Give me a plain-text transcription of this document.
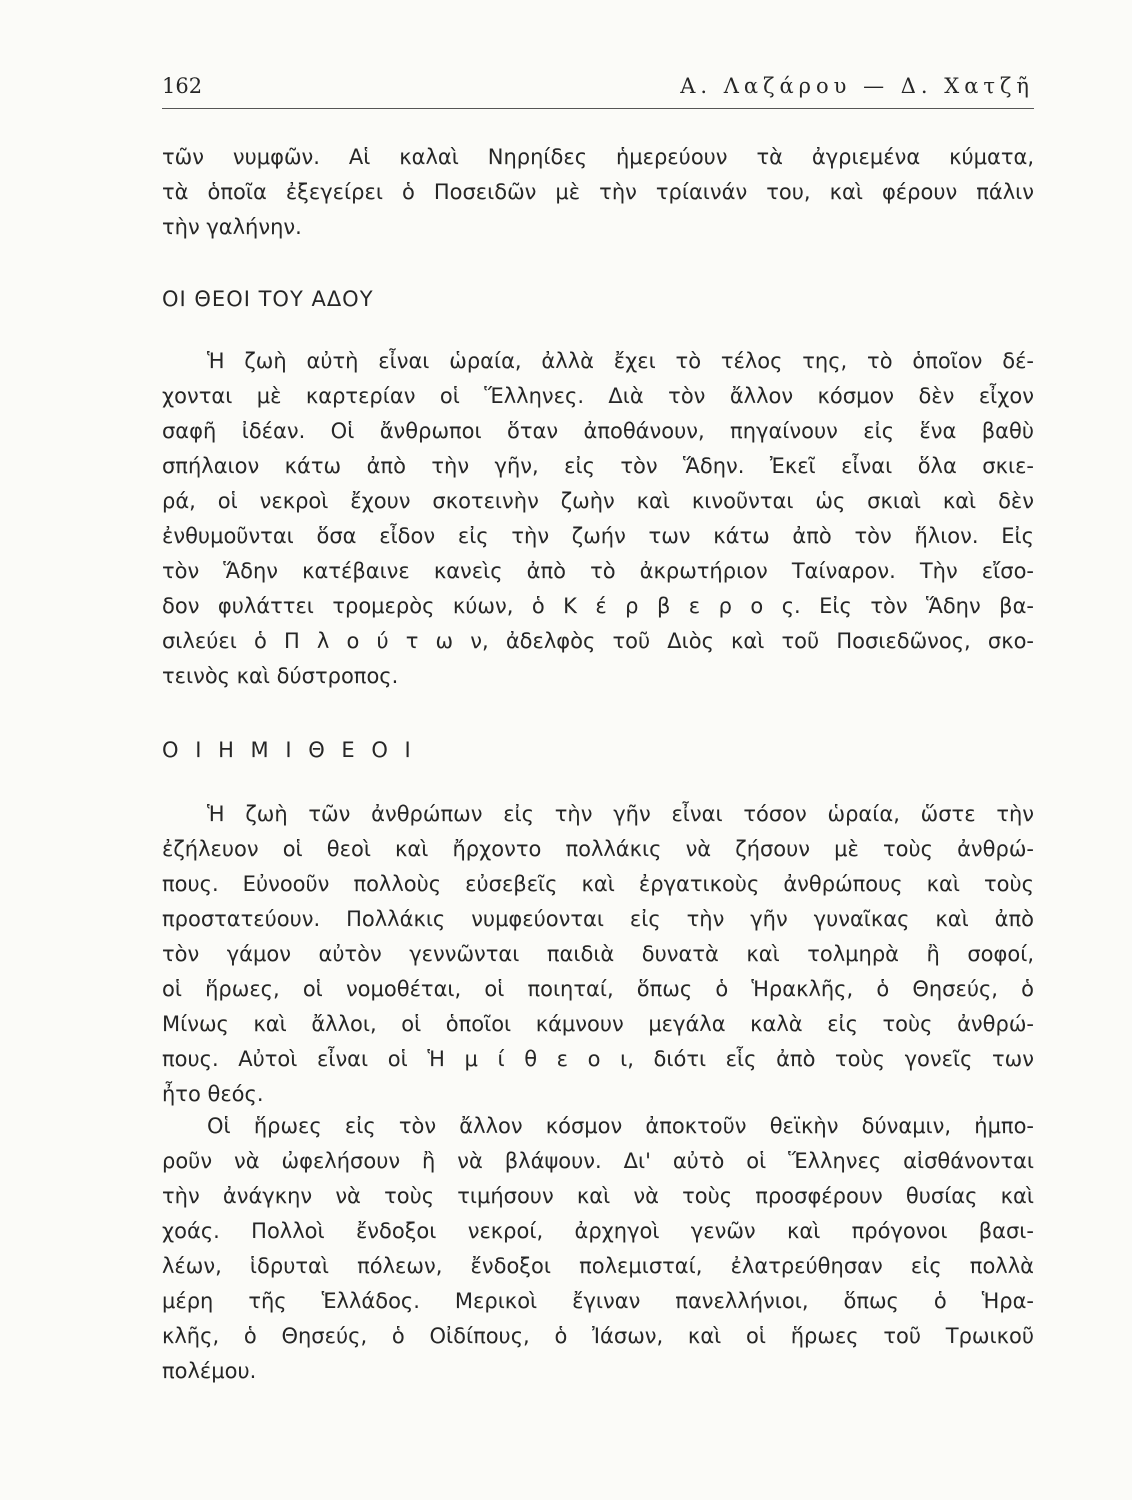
162	Α. Λαζάρου — Δ. Χατζῆ
τῶν νυμφῶν. Αἱ καλαὶ Νηρηίδες ἡμερεύουν τὰ ἀγριεμένα κύματα,
τὰ ὁποῖα ἐξεγείρει ὁ Ποσειδῶν μὲ τὴν τρίαινάν του, καὶ φέρουν πάλιν
τὴν γαλήνην.
ΟΙ ΘΕΟΙ ΤΟΥ ΑΔΟΥ
Ἡ ζωὴ αὐτὴ εἶναι ὡραία, ἀλλὰ ἔχει τὸ τέλος της, τὸ ὁποῖον δέ-
χονται μὲ καρτερίαν οἱ Ἕλληνες. Διὰ τὸν ἄλλον κόσμον δὲν εἶχον
σαφῆ ἰδέαν. Οἱ ἄνθρωποι ὅταν ἀποθάνουν, πηγαίνουν εἰς ἕνα βαθὺ
σπήλαιον κάτω ἀπὸ τὴν γῆν, εἰς τὸν Ἅδην. Ἐκεῖ εἶναι ὅλα σκιε-
ρά, οἱ νεκροὶ ἔχουν σκοτεινὴν ζωὴν καὶ κινοῦνται ὡς σκιαὶ καὶ δὲν
ἐνθυμοῦνται ὅσα εἶδον εἰς τὴν ζωήν των κάτω ἀπὸ τὸν ἥλιον. Εἰς
τὸν Ἅδην κατέβαινε κανεὶς ἀπὸ τὸ ἀκρωτήριον Ταίναρον. Τὴν εἴσο-
δον φυλάττει τρομερὸς κύων, ὁ Κ έ ρ β ε ρ ο ς. Εἰς τὸν Ἅδην βα-
σιλεύει ὁ Π λ ο ύ τ ω ν, ἀδελφὸς τοῦ Διὸς καὶ τοῦ Ποσιεδῶνος, σκο-
τεινὸς καὶ δύστροπος.
Ο Ι Η Μ Ι Θ Ε Ο Ι
Ἡ ζωὴ τῶν ἀνθρώπων εἰς τὴν γῆν εἶναι τόσον ὡραία, ὥστε τὴν
ἐζήλευον οἱ θεοὶ καὶ ἤρχοντο πολλάκις νὰ ζήσουν μὲ τοὺς ἀνθρώ-
πους. Εὐνοοῦν πολλοὺς εὐσεβεῖς καὶ ἐργατικοὺς ἀνθρώπους καὶ τοὺς
προστατεύουν. Πολλάκις νυμφεύονται εἰς τὴν γῆν γυναῖκας καὶ ἀπὸ
τὸν γάμον αὐτὸν γεννῶνται παιδιὰ δυνατὰ καὶ τολμηρὰ ἢ σοφοί,
οἱ ἥρωες, οἱ νομοθέται, οἱ ποιηταί, ὅπως ὁ Ἡρακλῆς, ὁ Θησεύς, ὁ
Μίνως καὶ ἄλλοι, οἱ ὁποῖοι κάμνουν μεγάλα καλὰ εἰς τοὺς ἀνθρώ-
πους. Αὐτοὶ εἶναι οἱ Ἡ μ ί θ ε ο ι, διότι εἷς ἀπὸ τοὺς γονεῖς των
ἦτο θεός.
Οἱ ἥρωες εἰς τὸν ἄλλον κόσμον ἀποκτοῦν θεϊκὴν δύναμιν, ἠμπο-
ροῦν νὰ ὠφελήσουν ἢ νὰ βλάψουν. Δι' αὐτὸ οἱ Ἕλληνες αἰσθάνονται
τὴν ἀνάγκην νὰ τοὺς τιμήσουν καὶ νὰ τοὺς προσφέρουν θυσίας καὶ
χοάς. Πολλοὶ ἔνδοξοι νεκροί, ἀρχηγοὶ γενῶν καὶ πρόγονοι βασι-
λέων, ἱδρυταὶ πόλεων, ἔνδοξοι πολεμισταί, ἐλατρεύθησαν εἰς πολλὰ
μέρη τῆς Ἑλλάδος. Μερικοὶ ἔγιναν πανελλήνιοι, ὅπως ὁ Ἡρα-
κλῆς, ὁ Θησεύς, ὁ Οἰδίπους, ὁ Ἰάσων, καὶ οἱ ἥρωες τοῦ Τρωικοῦ
πολέμου.
